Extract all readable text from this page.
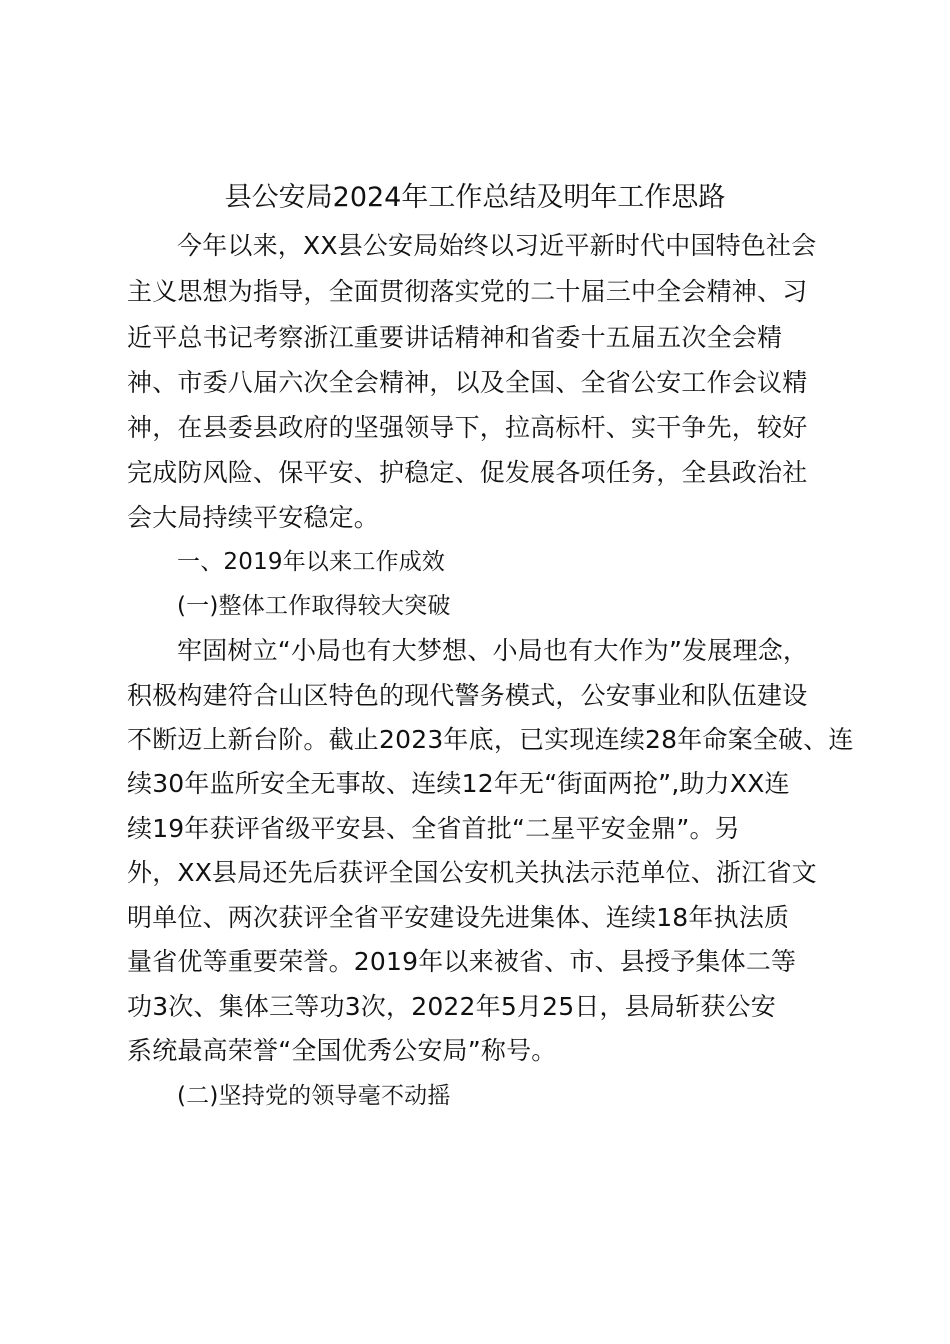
县公安局2024年工作总结及明年工作思路
今年以来，XX县公安局始终以习近平新时代中国特色社会
主义思想为指导，全面贯彻落实党的二十届三中全会精神、习
近平总书记考察浙江重要讲话精神和省委十五届五次全会精
神、市委八届六次全会精神，以及全国、全省公安工作会议精
神，在县委县政府的坚强领导下，拉高标杆、实干争先，较好
完成防风险、保平安、护稳定、促发展各项任务，全县政治社
会大局持续平安稳定。
一、2019年以来工作成效
(一)整体工作取得较大突破
牢固树立“小局也有大梦想、小局也有大作为”发展理念，
积极构建符合山区特色的现代警务模式，公安事业和队伍建设
不断迈上新台阶。截止2023年底，已实现连续28年命案全破、连
续30年监所安全无事故、连续12年无“街面两抢”,助力XX连
续19年获评省级平安县、全省首批“二星平安金鼎”。另
外，XX县局还先后获评全国公安机关执法示范单位、浙江省文
明单位、两次获评全省平安建设先进集体、连续18年执法质
量省优等重要荣誉。2019年以来被省、市、县授予集体二等
功3次、集体三等功3次，2022年5月25日，县局斩获公安
系统最高荣誉“全国优秀公安局”称号。
(二)坚持党的领导毫不动摇
